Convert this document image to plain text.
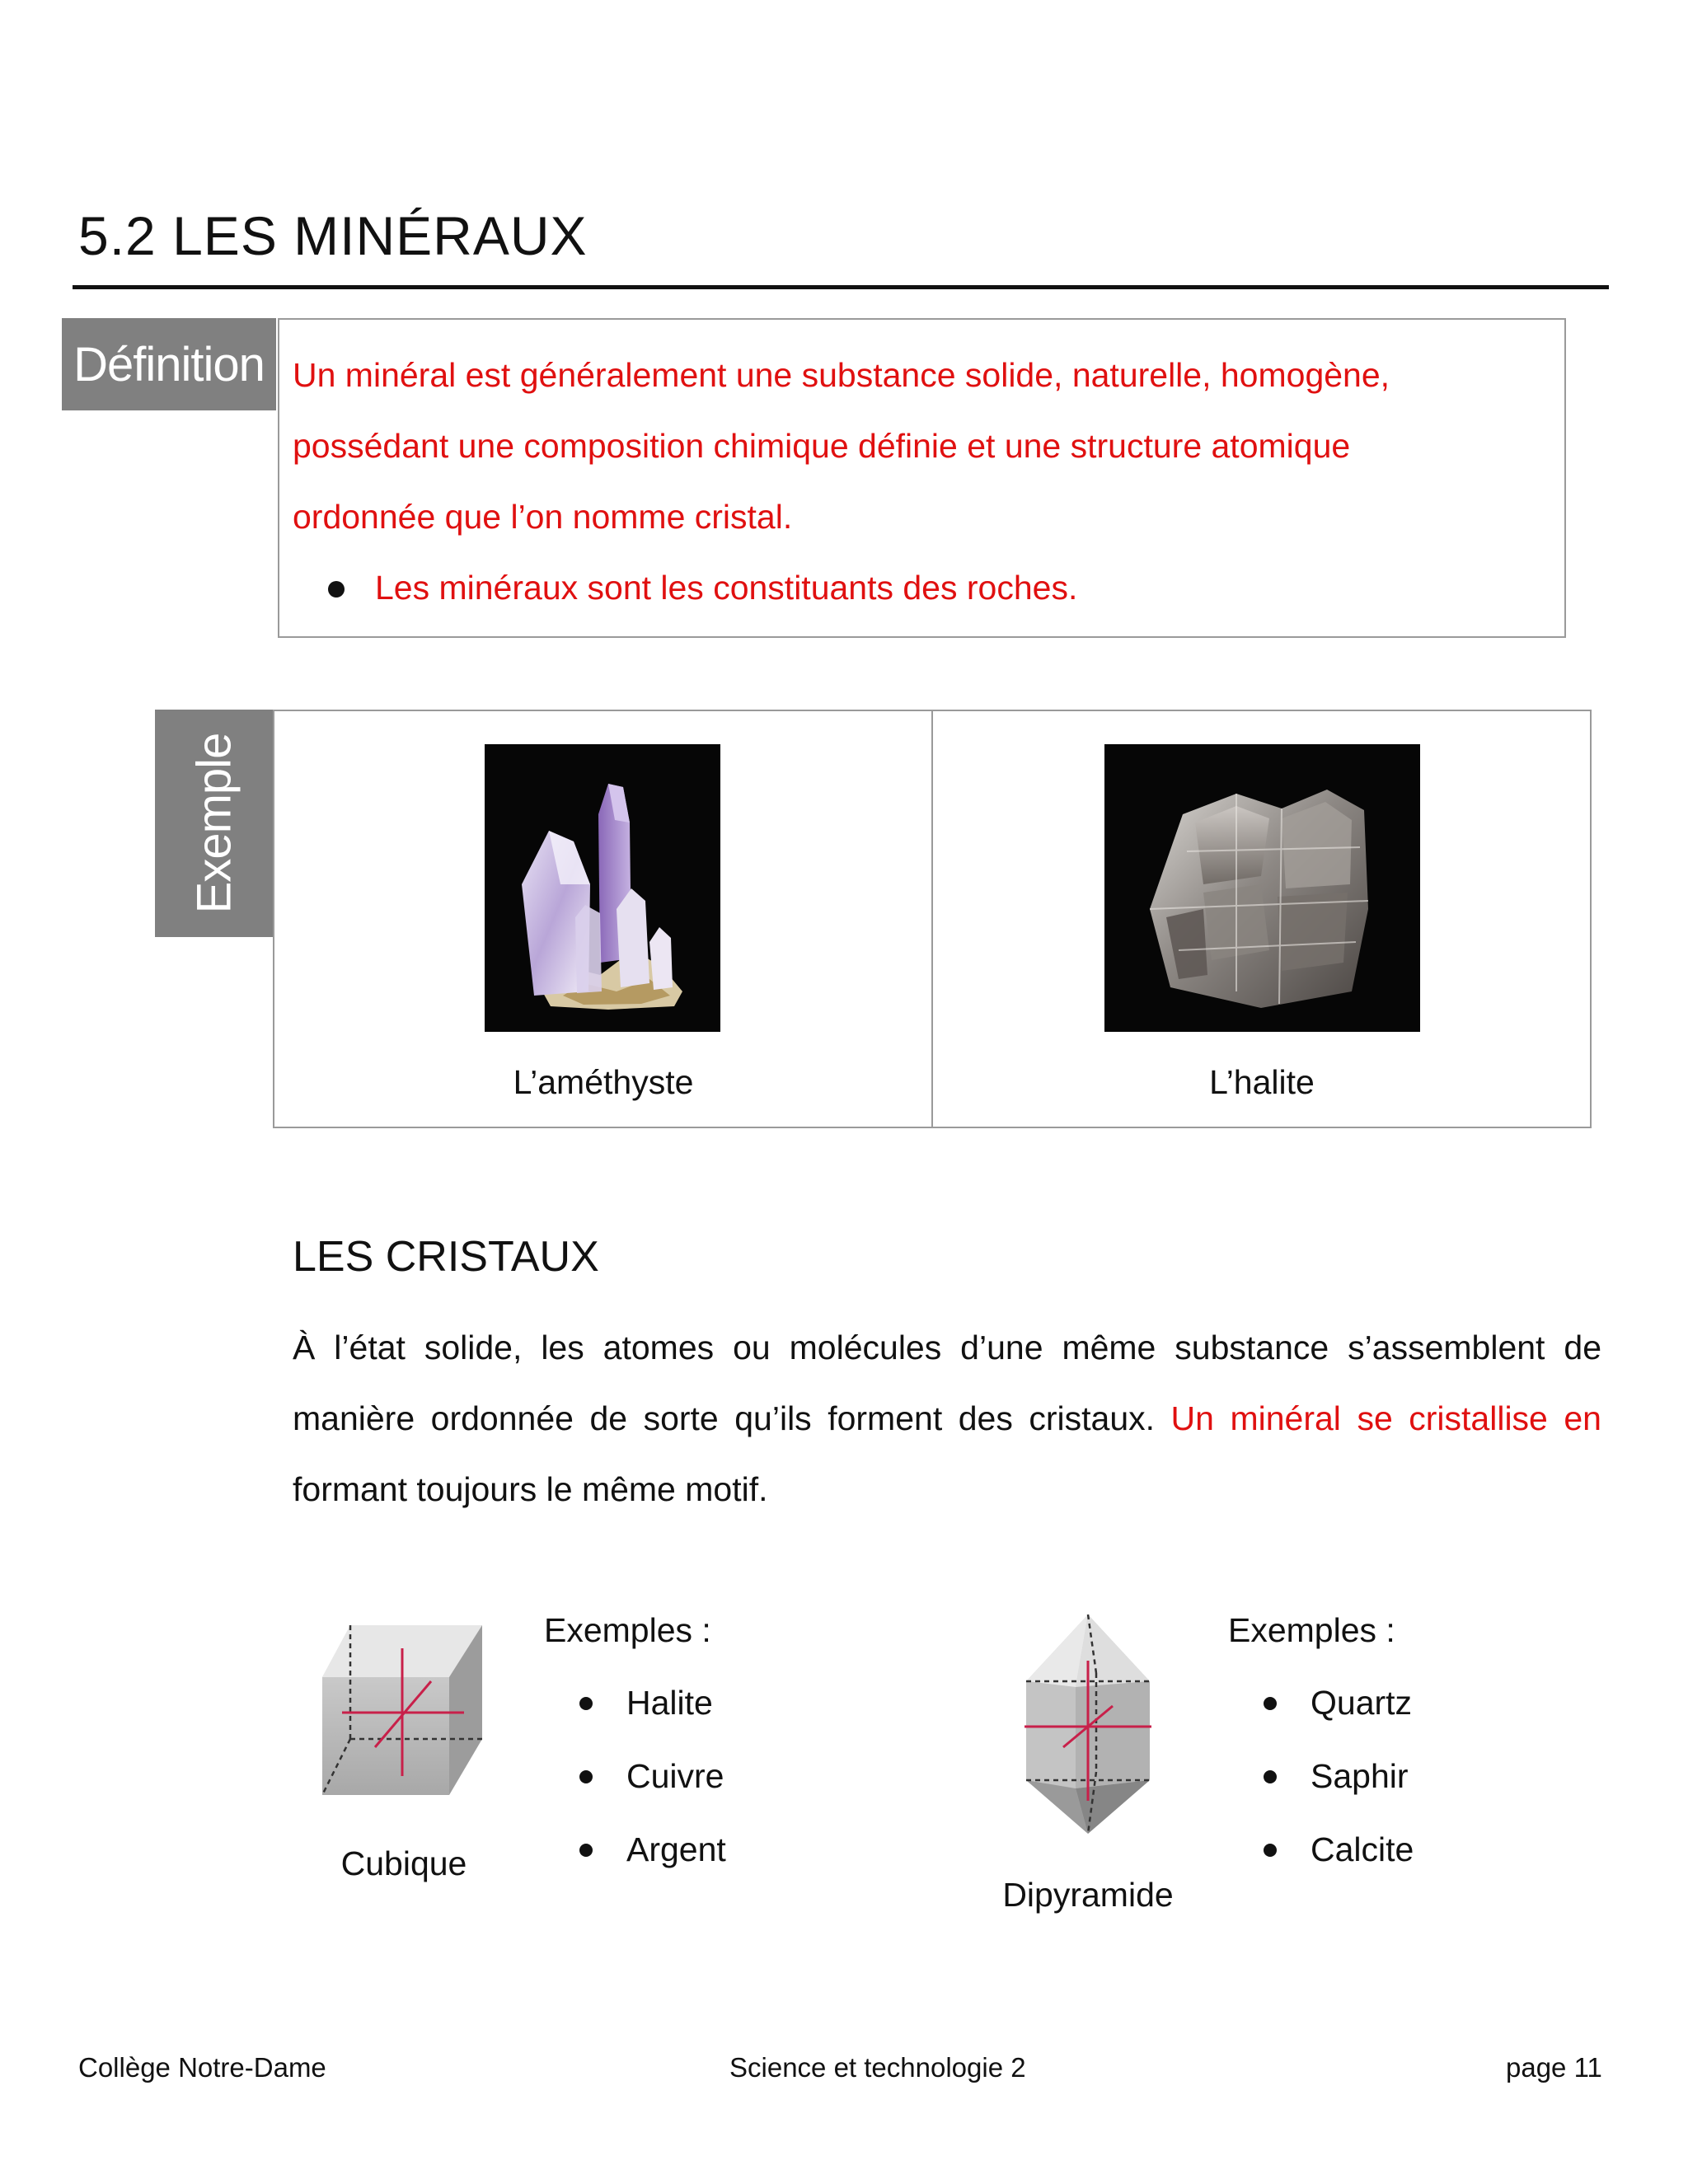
5.2 LES MINÉRAUX
Définition Un minéral est généralement une substance solide, naturelle, homogène,
possédant une composition chimique définie et une structure atomique
ordonnée que l’on nomme cristal.
Les minéraux sont les constituants des roches.
Exemple
L’améthyste	L’halite
LES CRISTAUX
À l’état solide, les atomes ou molécules d’une même substance s’assemblent de
manière ordonnée de sorte qu’ils forment des cristaux. Un minéral se cristallise en
formant toujours le même motif.
Cubique
Exemples :
Halite
Cuivre
Argent
Dipyramide
Exemples :
Quartz
Saphir
Calcite
Collège Notre-Dame	Science et technologie 2	page 11
